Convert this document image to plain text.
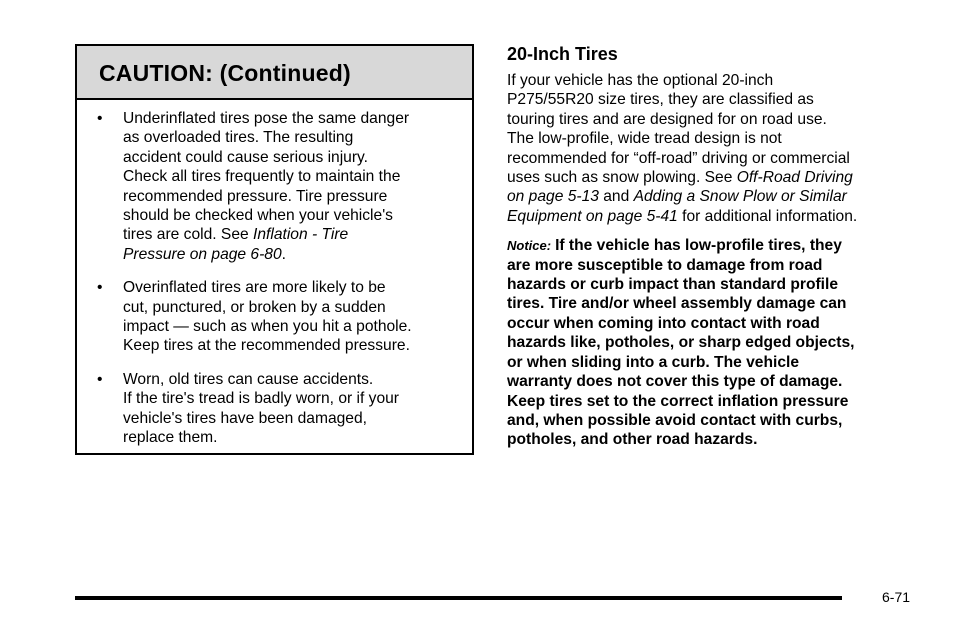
CAUTION: (Continued)
• Underinflated tires pose the same danger
as overloaded tires. The resulting
accident could cause serious injury.
Check all tires frequently to maintain the
recommended pressure. Tire pressure
should be checked when your vehicle's
tires are cold. See Inflation - Tire
Pressure on page 6-80.
• Overinflated tires are more likely to be
cut, punctured, or broken by a sudden
impact — such as when you hit a pothole.
Keep tires at the recommended pressure.
• Worn, old tires can cause accidents.
If the tire's tread is badly worn, or if your
vehicle's tires have been damaged,
replace them.
20-Inch Tires
If your vehicle has the optional 20-inch
P275/55R20 size tires, they are classified as
touring tires and are designed for on road use.
The low-profile, wide tread design is not
recommended for “off-road” driving or commercial
uses such as snow plowing. See Off-Road Driving
on page 5-13 and Adding a Snow Plow or Similar
Equipment on page 5-41 for additional information.
Notice: If the vehicle has low-profile tires, they
are more susceptible to damage from road
hazards or curb impact than standard profile
tires. Tire and/or wheel assembly damage can
occur when coming into contact with road
hazards like, potholes, or sharp edged objects,
or when sliding into a curb. The vehicle
warranty does not cover this type of damage.
Keep tires set to the correct inflation pressure
and, when possible avoid contact with curbs,
potholes, and other road hazards.
6-71
